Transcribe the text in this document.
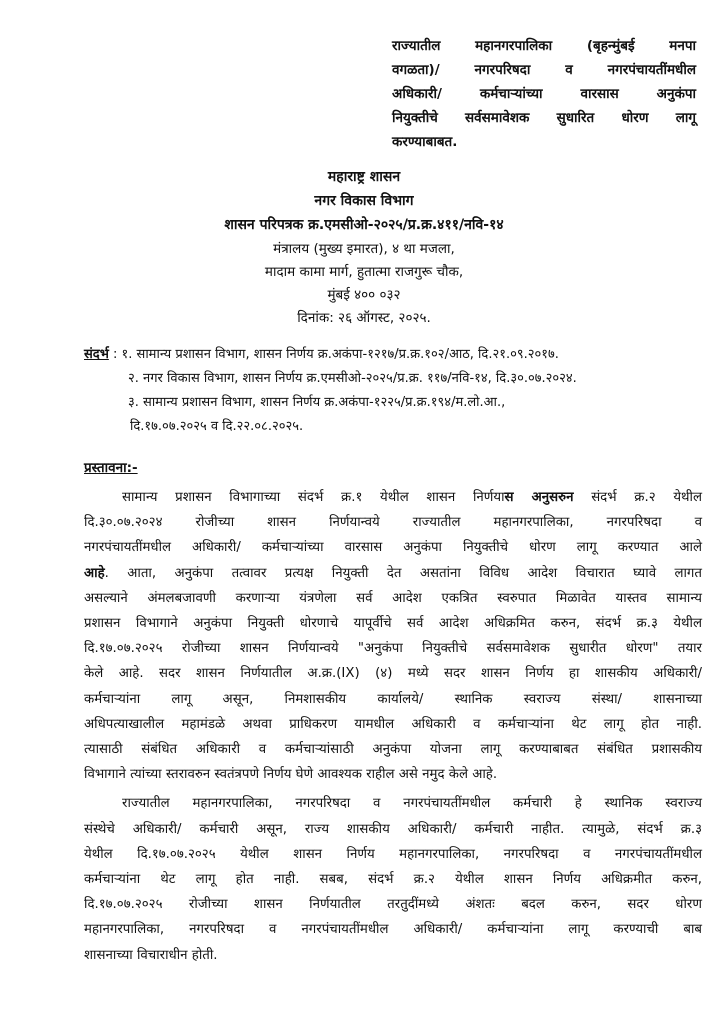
राज्यातील महानगरपालिका (बृहन्मुंबई मनपा
वगळता)/ नगरपरिषदा व नगरपंचायतींमधील
अधिकारी/ कर्मचाऱ्यांच्या वारसास अनुकंपा
नियुक्तीचे सर्वसमावेशक सुधारित धोरण लागू
करण्याबाबत.
महाराष्ट्र शासन
नगर विकास विभाग
शासन परिपत्रक क्र.एमसीओ-२०२५/प्र.क्र.४११/नवि-१४
मंत्रालय (मुख्य इमारत), ४ था मजला,
मादाम कामा मार्ग, हुतात्मा राजगुरू चौक,
मुंबई ४०० ०३२
दिनांक: २६ ऑगस्ट, २०२५.
संदर्भ : १. सामान्य प्रशासन विभाग, शासन निर्णय क्र.अकंपा-१२१७/प्र.क्र.१०२/आठ, दि.२१.०९.२०१७.
२. नगर विकास विभाग, शासन निर्णय क्र.एमसीओ-२०२५/प्र.क्र. ११७/नवि-१४, दि.३०.०७.२०२४.
३. सामान्य प्रशासन विभाग, शासन निर्णय क्र.अकंपा-१२२५/प्र.क्र.१९४/म.लो.आ.,
दि.१७.०७.२०२५ व दि.२२.०८.२०२५.
प्रस्तावना:-
सामान्य प्रशासन विभागाच्या संदर्भ क्र.१ येथील शासन निर्णयास अनुसरुन संदर्भ क्र.२ येथील
दि.३०.०७.२०२४ रोजीच्या शासन निर्णयान्वये राज्यातील महानगरपालिका, नगरपरिषदा व
नगरपंचायतींमधील अधिकारी/ कर्मचाऱ्यांच्या वारसास अनुकंपा नियुक्तीचे धोरण लागू करण्यात आले
आहे. आता, अनुकंपा तत्वावर प्रत्यक्ष नियुक्ती देत असतांना विविध आदेश विचारात घ्यावे लागत
असल्याने अंमलबजावणी करणाऱ्या यंत्रणेला सर्व आदेश एकत्रित स्वरुपात मिळावेत यास्तव सामान्य
प्रशासन विभागाने अनुकंपा नियुक्ती धोरणाचे यापूर्वीचे सर्व आदेश अधिक्रमित करुन, संदर्भ क्र.३ येथील
दि.१७.०७.२०२५ रोजीच्या शासन निर्णयान्वये "अनुकंपा नियुक्तीचे सर्वसमावेशक सुधारीत धोरण" तयार
केले आहे. सदर शासन निर्णयातील अ.क्र.(IX) (४) मध्ये सदर शासन निर्णय हा शासकीय अधिकारी/
कर्मचाऱ्यांना लागू असून, निमशासकीय कार्यालये/ स्थानिक स्वराज्य संस्था/ शासनाच्या
अधिपत्याखालील महामंडळे अथवा प्राधिकरण यामधील अधिकारी व कर्मचाऱ्यांना थेट लागू होत नाही.
त्यासाठी संबंधित अधिकारी व कर्मचाऱ्यांसाठी अनुकंपा योजना लागू करण्याबाबत संबंधित प्रशासकीय
विभागाने त्यांच्या स्तरावरुन स्वतंत्रपणे निर्णय घेणे आवश्यक राहील असे नमुद केले आहे.
राज्यातील महानगरपालिका, नगरपरिषदा व नगरपंचायतींमधील कर्मचारी हे स्थानिक स्वराज्य
संस्थेचे अधिकारी/ कर्मचारी असून, राज्य शासकीय अधिकारी/ कर्मचारी नाहीत. त्यामुळे, संदर्भ क्र.३
येथील दि.१७.०७.२०२५ येथील शासन निर्णय महानगरपालिका, नगरपरिषदा व नगरपंचायतींमधील
कर्मचाऱ्यांना थेट लागू होत नाही. सबब, संदर्भ क्र.२ येथील शासन निर्णय अधिक्रमीत करुन,
दि.१७.०७.२०२५ रोजीच्या शासन निर्णयातील तरतुदींमध्ये अंशतः बदल करुन, सदर धोरण
महानगरपालिका, नगरपरिषदा व नगरपंचायतींमधील अधिकारी/ कर्मचाऱ्यांना लागू करण्याची बाब
शासनाच्या विचाराधीन होती.
